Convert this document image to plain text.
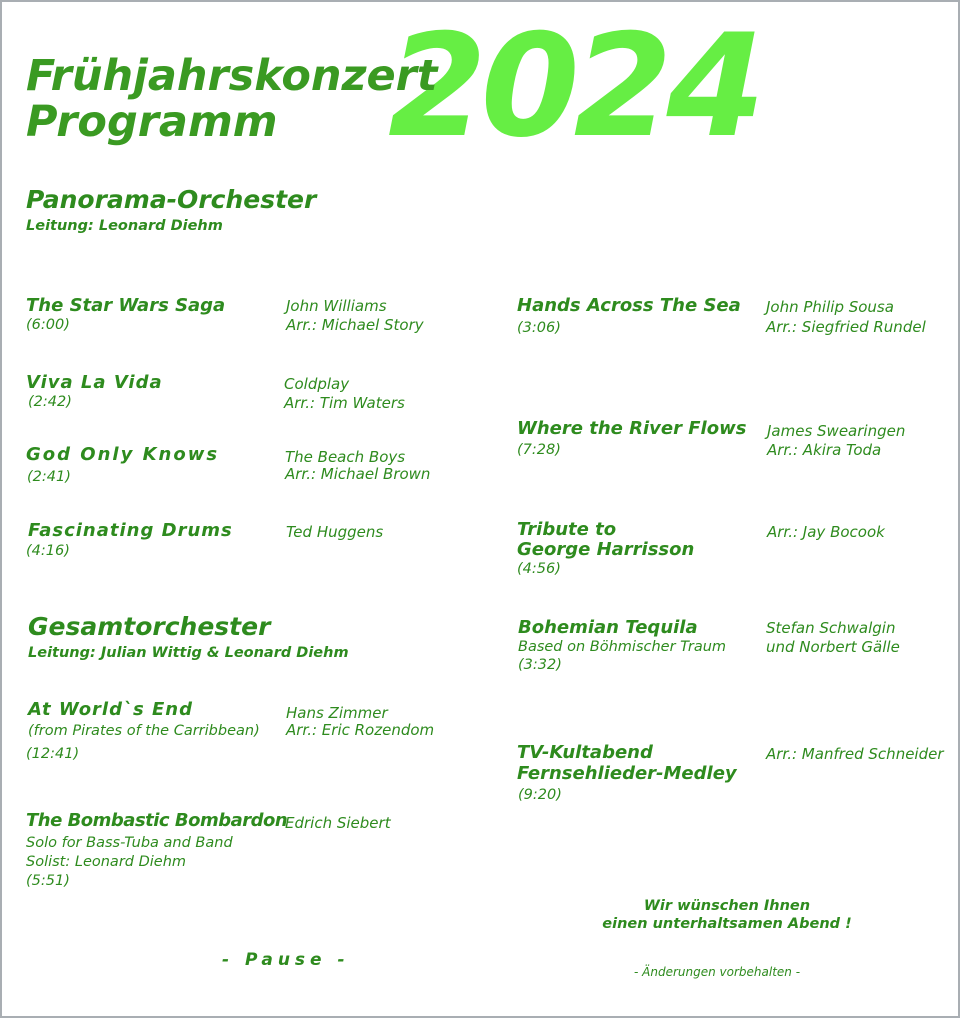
2024
Frühjahrskonzert
Programm
Panorama-Orchester
Leitung: Leonard Diehm
The Star Wars Saga
(6:00)
John Williams
Arr.: Michael Story
Viva La Vida
(2:42)
Coldplay
Arr.: Tim Waters
God Only Knows
(2:41)
The Beach Boys
Arr.: Michael Brown
Fascinating Drums
(4:16)
Ted Huggens
Gesamtorchester
Leitung: Julian Wittig & Leonard Diehm
At World`s End
(from Pirates of the Carribbean)
(12:41)
Hans Zimmer
Arr.: Eric Rozendom
The Bombastic Bombardon
Solo for Bass-Tuba and Band
Solist: Leonard Diehm
(5:51)
Edrich Siebert
Hands Across The Sea
(3:06)
John Philip Sousa
Arr.: Siegfried Rundel
Where the River Flows
(7:28)
James Swearingen
Arr.: Akira Toda
Tribute to
George Harrisson
(4:56)
Arr.: Jay Bocook
Bohemian Tequila
Based on Böhmischer Traum
(3:32)
Stefan Schwalgin
und Norbert Gälle
TV-Kultabend
Fernsehlieder-Medley
(9:20)
Arr.: Manfred Schneider
- Pause -
Wir wünschen Ihnen
einen unterhaltsamen Abend !
- Änderungen vorbehalten -
